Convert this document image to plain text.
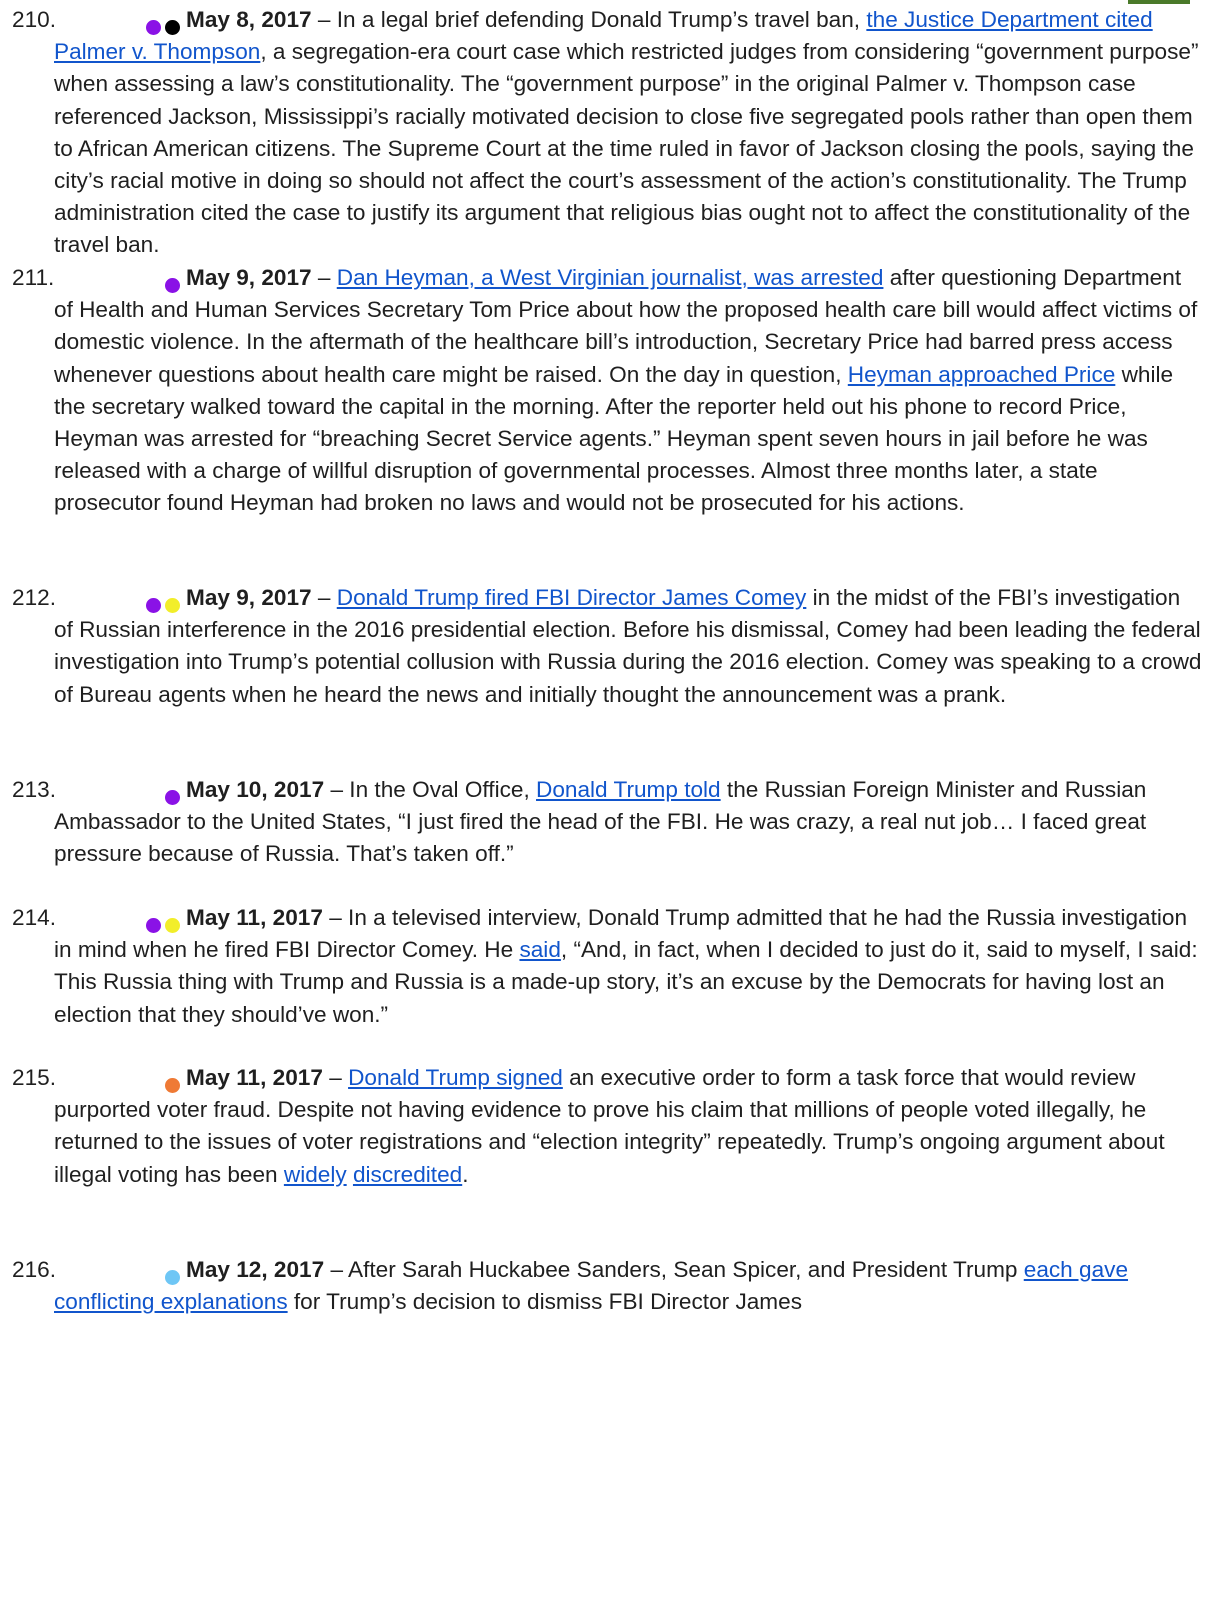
210.	May 8, 2017 – In a legal brief defending Donald Trump’s travel ban, the Justice Department cited Palmer v. Thompson, a segregation-era court case which restricted judges from considering “government purpose” when assessing a law’s constitutionality. The “government purpose” in the original Palmer v. Thompson case referenced Jackson, Mississippi’s racially motivated decision to close five segregated pools rather than open them to African American citizens. The Supreme Court at the time ruled in favor of Jackson closing the pools, saying the city’s racial motive in doing so should not affect the court’s assessment of the action’s constitutionality. The Trump administration cited the case to justify its argument that religious bias ought not to affect the constitutionality of the travel ban.
211.	May 9, 2017 – Dan Heyman, a West Virginian journalist, was arrested after questioning Department of Health and Human Services Secretary Tom Price about how the proposed health care bill would affect victims of domestic violence. In the aftermath of the healthcare bill’s introduction, Secretary Price had barred press access whenever questions about health care might be raised. On the day in question, Heyman approached Price while the secretary walked toward the capital in the morning. After the reporter held out his phone to record Price, Heyman was arrested for “breaching Secret Service agents.” Heyman spent seven hours in jail before he was released with a charge of willful disruption of governmental processes. Almost three months later, a state prosecutor found Heyman had broken no laws and would not be prosecuted for his actions.
212.	May 9, 2017 – Donald Trump fired FBI Director James Comey in the midst of the FBI’s investigation of Russian interference in the 2016 presidential election. Before his dismissal, Comey had been leading the federal investigation into Trump’s potential collusion with Russia during the 2016 election. Comey was speaking to a crowd of Bureau agents when he heard the news and initially thought the announcement was a prank.
213.	May 10, 2017 – In the Oval Office, Donald Trump told the Russian Foreign Minister and Russian Ambassador to the United States, “I just fired the head of the FBI. He was crazy, a real nut job… I faced great pressure because of Russia. That’s taken off.”
214.	May 11, 2017 – In a televised interview, Donald Trump admitted that he had the Russia investigation in mind when he fired FBI Director Comey. He said, “And, in fact, when I decided to just do it, said to myself, I said: This Russia thing with Trump and Russia is a made-up story, it’s an excuse by the Democrats for having lost an election that they should’ve won.”
215.	May 11, 2017 – Donald Trump signed an executive order to form a task force that would review purported voter fraud. Despite not having evidence to prove his claim that millions of people voted illegally, he returned to the issues of voter registrations and “election integrity” repeatedly. Trump’s ongoing argument about illegal voting has been widely discredited.
216.	May 12, 2017 – After Sarah Huckabee Sanders, Sean Spicer, and President Trump each gave conflicting explanations for Trump’s decision to dismiss FBI Director James
